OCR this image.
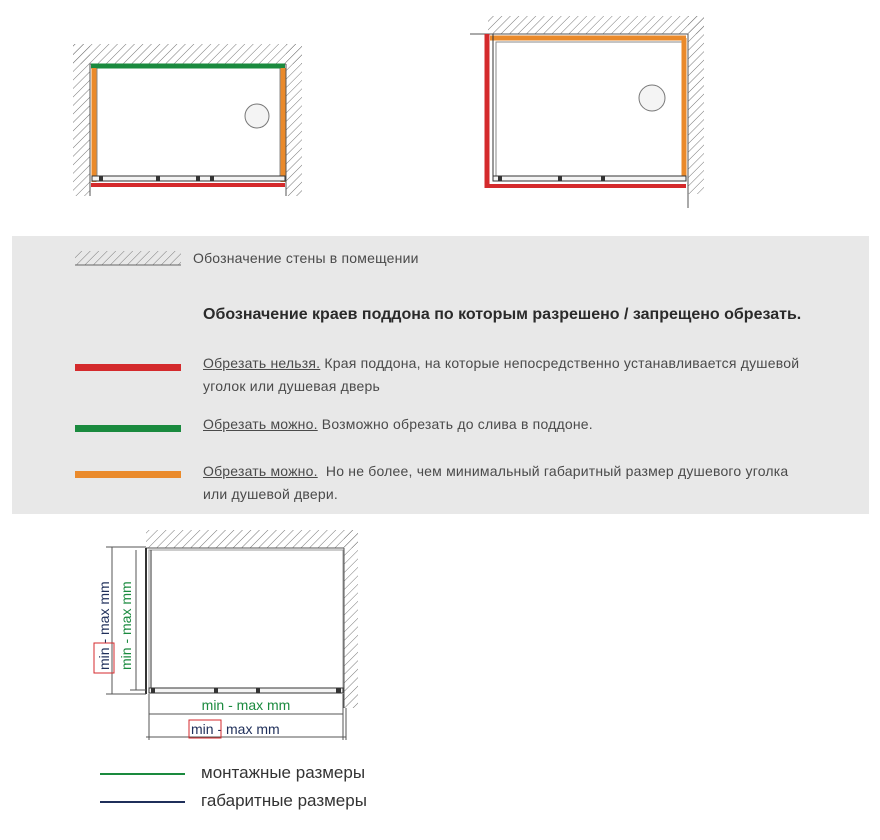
min - max mm
min - max mm
min - max mm
min - max mm
Обозначение стены в помещении
Обозначение краев поддона по которым разрешено / запрещено обрезать.
Обрезать нельзя. Края поддона, на которые непосредственно устанавливается душевой уголок или душевая дверь
Обрезать можно. Возможно обрезать до слива в поддоне.
Обрезать можно.  Но не более, чем минимальный габаритный размер душевого уголка или душевой двери.
монтажные размеры
габаритные размеры
